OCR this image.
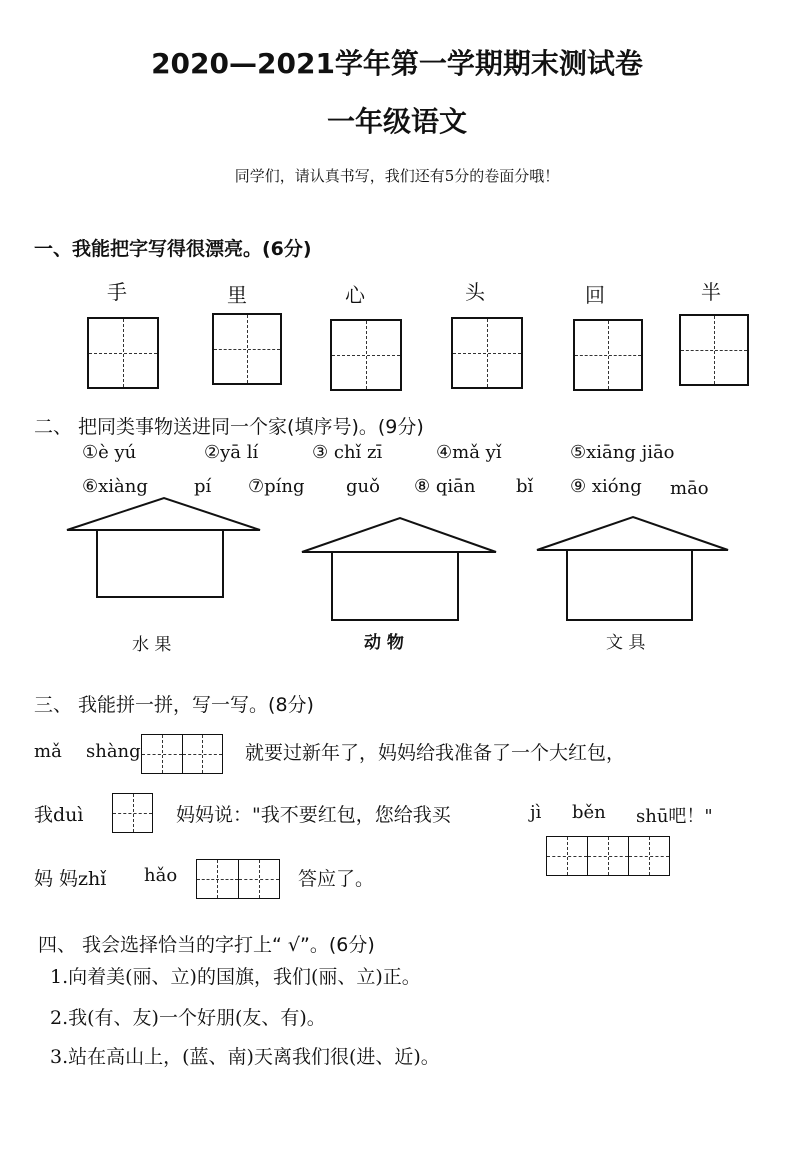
2020—2021学年第一学期期末测试卷
一年级语文
同学们，请认真书写，我们还有5分的卷面分哦！
一、我能把字写得很漂亮。(6分)
手	里	心	头	回	半
二、 把同类事物送进同一个家(填序号)。(9分)
①è yú	②yā lí	③ chǐ zī	④mǎ yǐ	⑤xiāng jiāo
⑥xiàng	pí ⑦píng guǒ ⑧ qiān bǐ ⑨ xióng māo
水 果	动 物	文 具
三、 我能拼一拼，写一写。(8分)
mǎ shàng	就要过新年了，妈妈给我准备了一个大红包，
我duì	妈妈说："我不要红包，您给我买	jì běn shū吧！"
妈 妈zhǐ hǎo	答应了。
四、 我会选择恰当的字打上“ √”。(6分)
1.向着美(丽、立)的国旗，我们(丽、立)正。
2.我(有、友)一个好朋(友、有)。
3.站在高山上，(蓝、南)天离我们很(进、近)。
